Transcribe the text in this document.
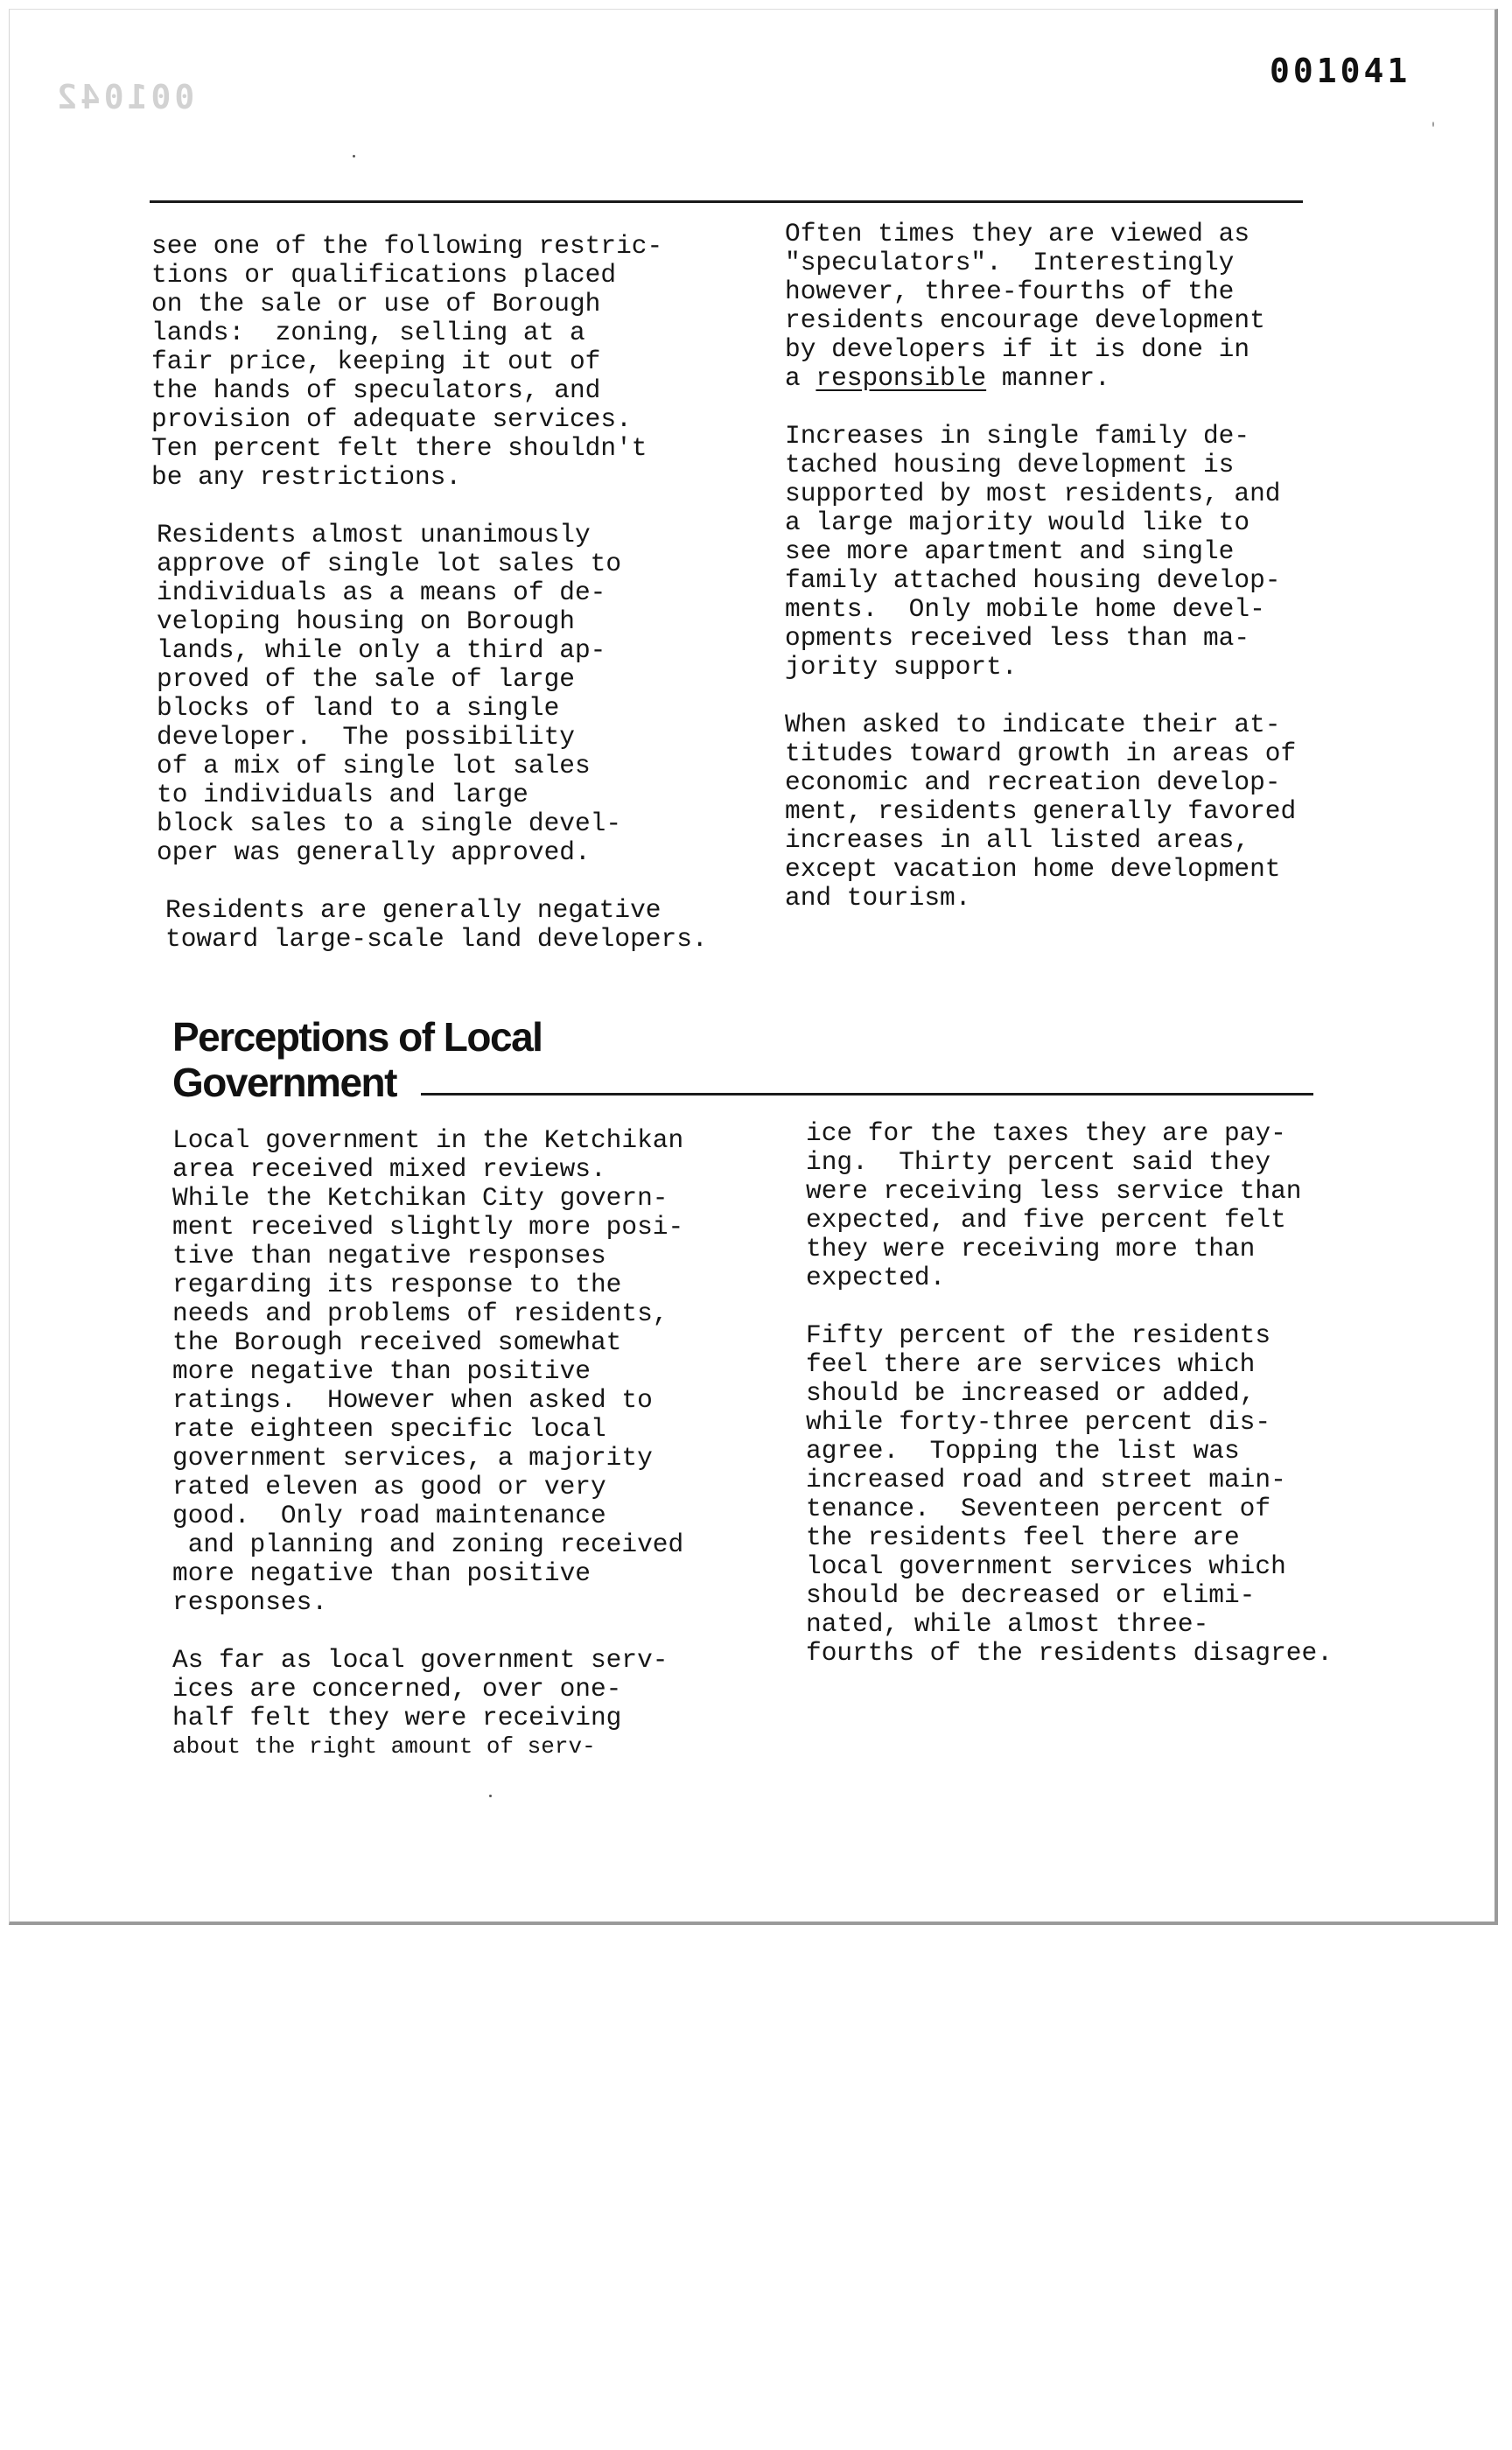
001042
001041

see one of the following restric-

tions or qualifications placed

on the sale or use of Borough

lands:  zoning, selling at a

fair price, keeping it out of

the hands of speculators, and

provision of adequate services.

Ten percent felt there shouldn't

be any restrictions.

Residents almost unanimously

approve of single lot sales to

individuals as a means of de-

veloping housing on Borough

lands, while only a third ap-

proved of the sale of large

blocks of land to a single

developer.  The possibility

of a mix of single lot sales

to individuals and large

block sales to a single devel-

oper was generally approved.

Residents are generally negative

toward large-scale land developers.

Often times they are viewed as

"speculators".  Interestingly

however, three-fourths of the

residents encourage development

by developers if it is done in

a responsible manner.

Increases in single family de-

tached housing development is

supported by most residents, and

a large majority would like to

see more apartment and single

family attached housing develop-

ments.  Only mobile home devel-

opments received less than ma-

jority support.

When asked to indicate their at-

titudes toward growth in areas of

economic and recreation develop-

ment, residents generally favored

increases in all listed areas,

except vacation home development

and tourism.

Perceptions of Local
Government

Local government in the Ketchikan

area received mixed reviews.

While the Ketchikan City govern-

ment received slightly more posi-

tive than negative responses

regarding its response to the

needs and problems of residents,

the Borough received somewhat

more negative than positive

ratings.  However when asked to

rate eighteen specific local

government services, a majority

rated eleven as good or very

good.  Only road maintenance

and planning and zoning received

more negative than positive

responses.

As far as local government serv-

ices are concerned, over one-

half felt they were receiving

about the right amount of serv-

ice for the taxes they are pay-

ing.  Thirty percent said they

were receiving less service than

expected, and five percent felt

they were receiving more than

expected.

Fifty percent of the residents

feel there are services which

should be increased or added,

while forty-three percent dis-

agree.  Topping the list was

increased road and street main-

tenance.  Seventeen percent of

the residents feel there are

local government services which

should be decreased or elimi-

nated, while almost three-

fourths of the residents disagree.
